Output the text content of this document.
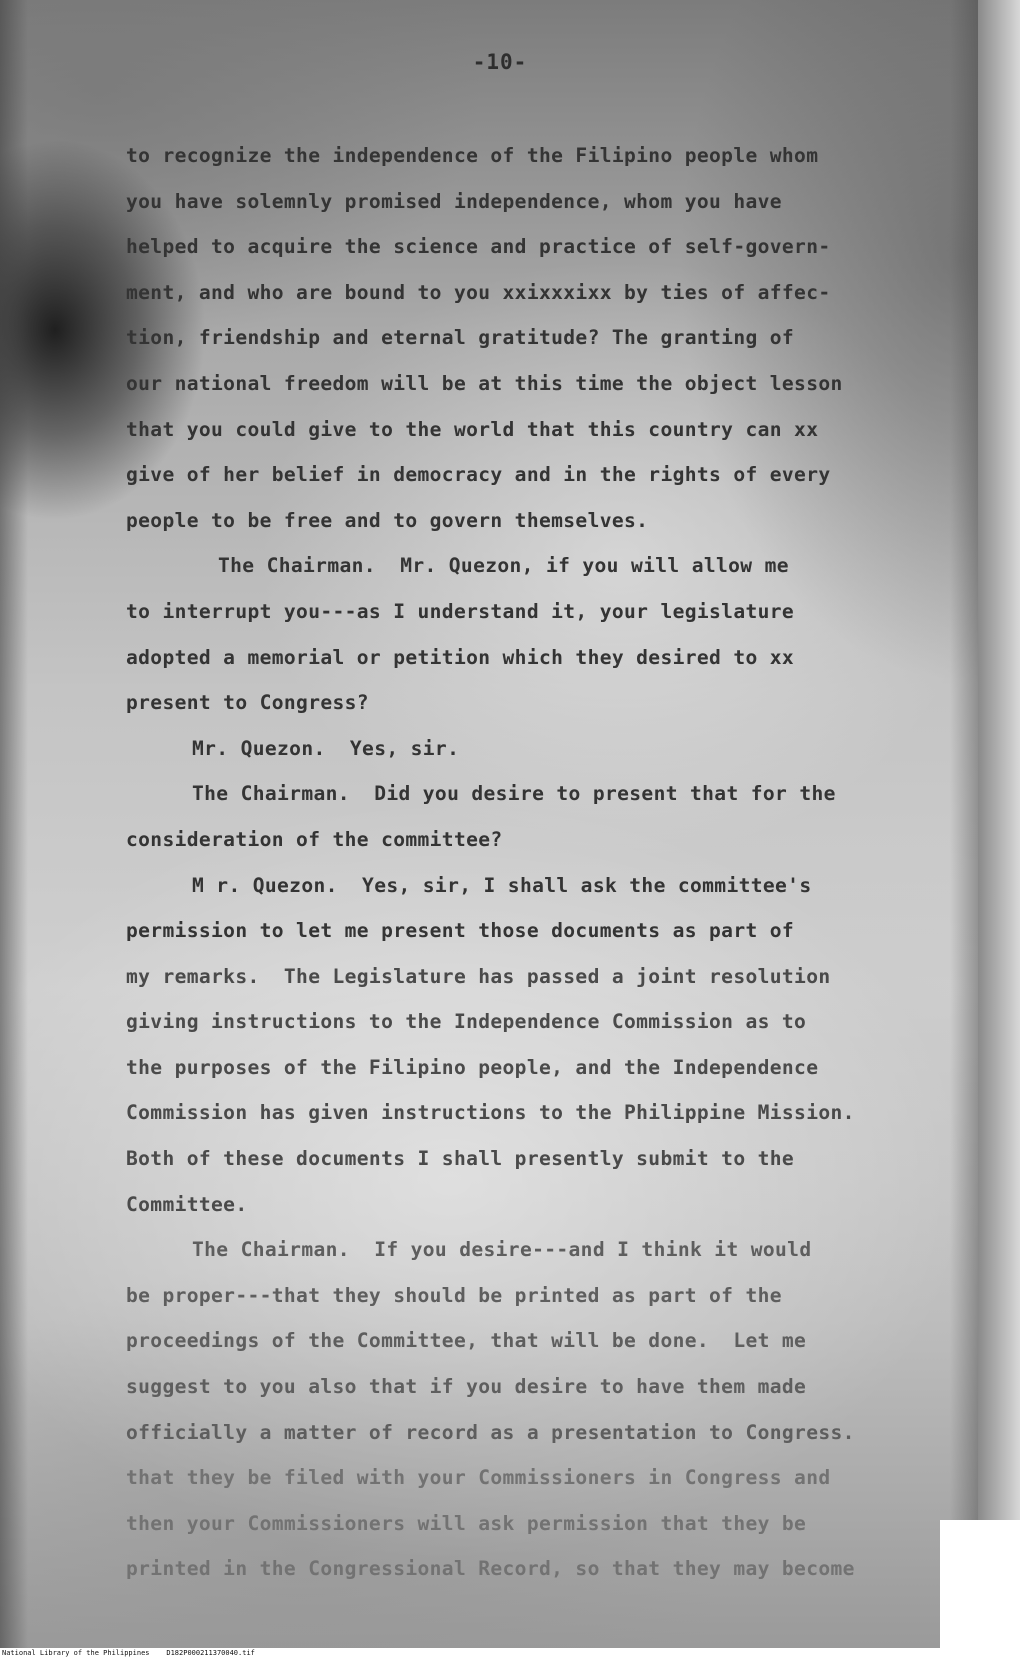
-10-
to recognize the independence of the Filipino people whom
you have solemnly promised independence, whom you have
helped to acquire the science and practice of self-govern-
ment, and who are bound to you xxixxxixx by ties of affec-
tion, friendship and eternal gratitude? The granting of
our national freedom will be at this time the object lesson
that you could give to the world that this country can xx
give of her belief in democracy and in the rights of every
people to be free and to govern themselves.
The Chairman.  Mr. Quezon, if you will allow me
to interrupt you---as I understand it, your legislature
adopted a memorial or petition which they desired to xx
present to Congress?
Mr. Quezon.  Yes, sir.
The Chairman.  Did you desire to present that for the
consideration of the committee?
M r. Quezon.  Yes, sir, I shall ask the committee's
permission to let me present those documents as part of
my remarks.  The Legislature has passed a joint resolution
giving instructions to the Independence Commission as to
the purposes of the Filipino people, and the Independence
Commission has given instructions to the Philippine Mission.
Both of these documents I shall presently submit to the
Committee.
The Chairman.  If you desire---and I think it would
be proper---that they should be printed as part of the
proceedings of the Committee, that will be done.  Let me
suggest to you also that if you desire to have them made
officially a matter of record as a presentation to Congress.
that they be filed with your Commissioners in Congress and
then your Commissioners will ask permission that they be
printed in the Congressional Record, so that they may become
National Library of the Philippines D182P000211370040.tif
